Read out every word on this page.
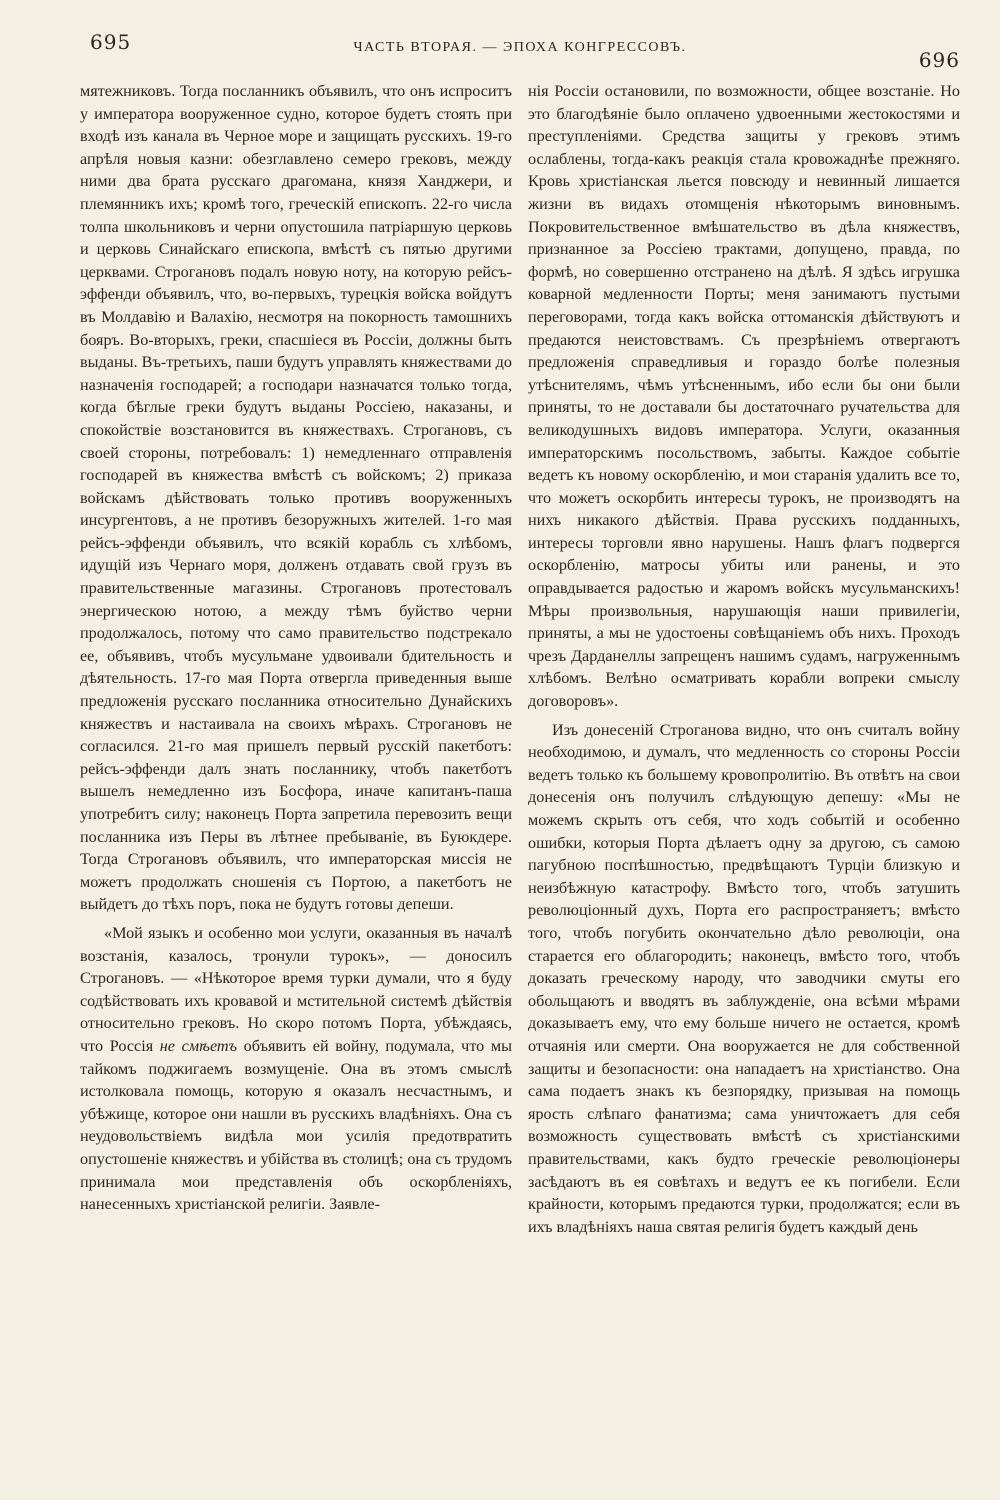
695	ЧАСТЬ ВТОРАЯ. — ЭПОХА КОНГРЕССОВЪ.
696

мятежниковъ. Тогда посланникъ объявилъ, что онъ испроситъ у императора вооруженное судно, которое будетъ стоять при входѣ изъ канала въ Черное море и защищать русскихъ. 19-го апрѣля новыя казни: обезглавлено семеро грековъ, между ними два брата русскаго драгомана, князя Ханджери, и племянникъ ихъ; кромѣ того, греческій епископъ. 22-го числа толпа школьниковъ и черни опустошила патріаршую церковь и церковь Синайскаго епископа, вмѣстѣ съ пятью другими церквами. Строгановъ подалъ новую ноту, на которую рейсъ-эффенди объявилъ, что, во-первыхъ, турецкія войска войдутъ въ Молдавію и Валахію, несмотря на покорность тамошнихъ бояръ. Во-вторыхъ, греки, спасшіеся въ Россіи, должны быть выданы. Въ-третьихъ, паши будутъ управлять княжествами до назначенія господарей; а господари назначатся только тогда, когда бѣглые греки будутъ выданы Россіею, наказаны, и спокойствіе возстановится въ княжествахъ. Строгановъ, съ своей стороны, потребовалъ: 1) немедленнаго отправленія господарей въ княжества вмѣстѣ съ войскомъ; 2) приказа войскамъ дѣйствовать только противъ вооруженныхъ инсургентовъ, а не противъ безоружныхъ жителей. 1-го мая рейсъ-эффенди объявилъ, что всякій корабль съ хлѣбомъ, идущій изъ Чернаго моря, долженъ отдавать свой грузъ въ правительственные магазины. Строгановъ протестовалъ энергическою нотою, а между тѣмъ буйство черни продолжалось, потому что само правительство подстрекало ее, объявивъ, чтобъ мусульмане удвоивали бдительность и дѣятельность. 17-го мая Порта отвергла приведенныя выше предложенія русскаго посланника относительно Дунайскихъ княжествъ и настаивала на своихъ мѣрахъ. Строгановъ не согласился. 21-го мая пришелъ первый русскій пакетботъ: рейсъ-эффенди далъ знать посланнику, чтобъ пакетботъ вышелъ немедленно изъ Босфора, иначе капитанъ-паша употребитъ силу; наконецъ Порта запретила перевозить вещи посланника изъ Перы въ лѣтнее пребываніе, въ Буюкдере. Тогда Строгановъ объявилъ, что императорская миссія не можетъ продолжать сношенія съ Портою, а пакетботъ не выйдетъ до тѣхъ поръ, пока не будутъ готовы депеши.

«Мой языкъ и особенно мои услуги, оказанныя въ началѣ возстанія, казалось, тронули турокъ», — доносилъ Строгановъ. — «Нѣкоторое время турки думали, что я буду содѣйствовать ихъ кровавой и мстительной системѣ дѣйствія относительно грековъ. Но скоро потомъ Порта, убѣждаясь, что Россія не смѣетъ объявить ей войну, подумала, что мы тайкомъ поджигаемъ возмущеніе. Она въ этомъ смыслѣ истолковала помощь, которую я оказалъ несчастнымъ, и убѣжище, которое они нашли въ русскихъ владѣніяхъ. Она съ неудовольствіемъ видѣла мои усилія предотвратить опустошеніе княжествъ и убійства въ столицѣ; она съ трудомъ принимала мои представленія объ оскорбленіяхъ, нанесенныхъ христіанской религіи. Заявле-

нія Россіи остановили, по возможности, общее возстаніе. Но это благодѣяніе было оплачено удвоенными жестокостями и преступленіями. Средства защиты у грековъ этимъ ослаблены, тогда-какъ реакція стала кровожаднѣе прежняго. Кровь христіанская льется повсюду и невинный лишается жизни въ видахъ отомщенія нѣкоторымъ виновнымъ. Покровительственное вмѣшательство въ дѣла княжествъ, признанное за Россіею трактами, допущено, правда, по формѣ, но совершенно отстранено на дѣлѣ. Я здѣсь игрушка коварной медленности Порты; меня занимаютъ пустыми переговорами, тогда какъ войска оттоманскія дѣйствуютъ и предаются неистовствамъ. Съ презрѣніемъ отвергаютъ предложенія справедливыя и гораздо болѣе полезныя утѣснителямъ, чѣмъ утѣсненнымъ, ибо если бы они были приняты, то не доставали бы достаточнаго ручательства для великодушныхъ видовъ императора. Услуги, оказанныя императорскимъ посольствомъ, забыты. Каждое событіе ведетъ къ новому оскорбленію, и мои старанія удалить все то, что можетъ оскорбить интересы турокъ, не производятъ на нихъ никакого дѣйствія. Права русскихъ подданныхъ, интересы торговли явно нарушены. Нашъ флагъ подвергся оскорбленію, матросы убиты или ранены, и это оправдывается радостью и жаромъ войскъ мусульманскихъ! Мѣры произвольныя, нарушающія наши привилегіи, приняты, а мы не удостоены совѣщаніемъ объ нихъ. Проходъ чрезъ Дарданеллы запрещенъ нашимъ судамъ, нагруженнымъ хлѣбомъ. Велѣно осматривать корабли вопреки смыслу договоровъ».

Изъ донесеній Строганова видно, что онъ считалъ войну необходимою, и думалъ, что медленность со стороны Россіи ведетъ только къ большему кровопролитію. Въ отвѣтъ на свои донесенія онъ получилъ слѣдующую депешу: «Мы не можемъ скрыть отъ себя, что ходъ событій и особенно ошибки, которыя Порта дѣлаетъ одну за другою, съ самою пагубною поспѣшностью, предвѣщаютъ Турціи близкую и неизбѣжную катастрофу. Вмѣсто того, чтобъ затушить революціонный духъ, Порта его распространяетъ; вмѣсто того, чтобъ погубить окончательно дѣло революціи, она старается его облагородить; наконецъ, вмѣсто того, чтобъ доказать греческому народу, что заводчики смуты его обольщаютъ и вводятъ въ заблужденіе, она всѣми мѣрами доказываетъ ему, что ему больше ничего не остается, кромѣ отчаянія или смерти. Она вооружается не для собственной защиты и безопасности: она нападаетъ на христіанство. Она сама подаетъ знакъ къ безпорядку, призывая на помощь ярость слѣпаго фанатизма; сама уничтожаетъ для себя возможность существовать вмѣстѣ съ христіанскими правительствами, какъ будто греческіе революціонеры засѣдаютъ въ ея совѣтахъ и ведутъ ее къ погибели. Если крайности, которымъ предаются турки, продолжатся; если въ ихъ владѣніяхъ наша святая религія будетъ каждый день
